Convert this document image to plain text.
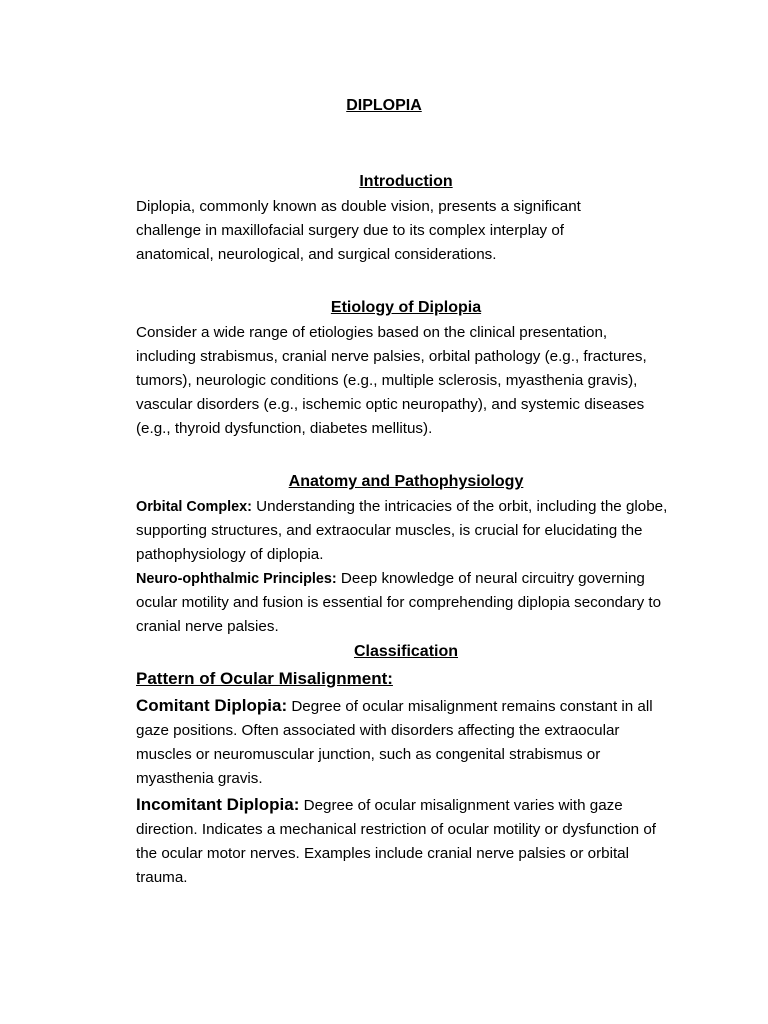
DIPLOPIA
Introduction

Diplopia, commonly known as double vision, presents a significant challenge in maxillofacial surgery due to its complex interplay of anatomical, neurological, and surgical considerations.

Etiology of Diplopia

Consider a wide range of etiologies based on the clinical presentation, including strabismus, cranial nerve palsies, orbital pathology (e.g., fractures, tumors), neurologic conditions (e.g., multiple sclerosis, myasthenia gravis), vascular disorders (e.g., ischemic optic neuropathy), and systemic diseases (e.g., thyroid dysfunction, diabetes mellitus).

Anatomy and Pathophysiology

Orbital Complex: Understanding the intricacies of the orbit, including the globe, supporting structures, and extraocular muscles, is crucial for elucidating the pathophysiology of diplopia.

Neuro-ophthalmic Principles: Deep knowledge of neural circuitry governing ocular motility and fusion is essential for comprehending diplopia secondary to cranial nerve palsies.

Classification
Pattern of Ocular Misalignment:

Comitant Diplopia: Degree of ocular misalignment remains constant in all gaze positions. Often associated with disorders affecting the extraocular muscles or neuromuscular junction, such as congenital strabismus or myasthenia gravis.

Incomitant Diplopia: Degree of ocular misalignment varies with gaze direction. Indicates a mechanical restriction of ocular motility or dysfunction of the ocular motor nerves. Examples include cranial nerve palsies or orbital trauma.
